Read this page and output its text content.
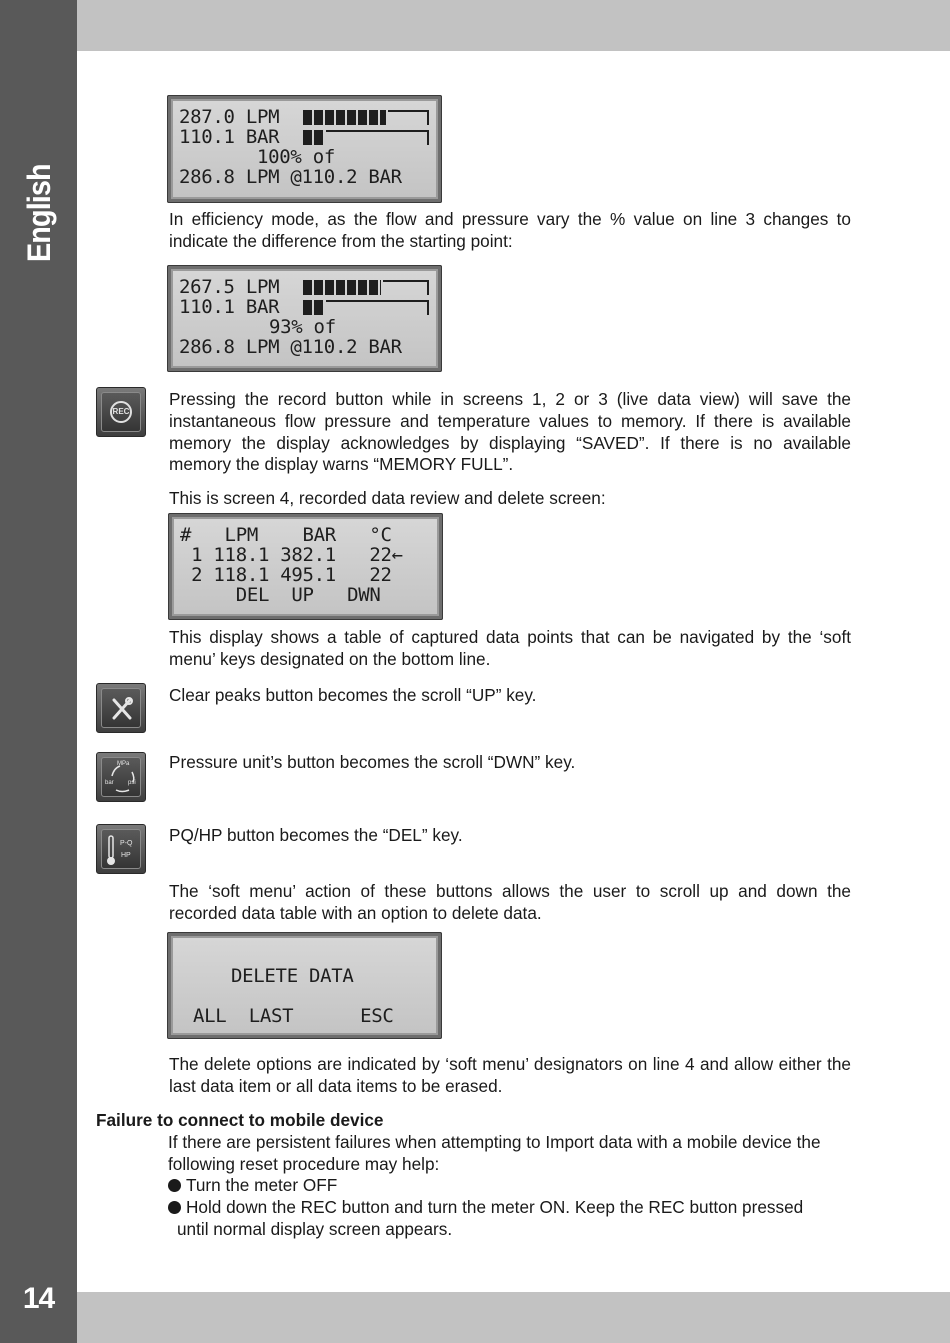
English
14
287.0 LPM
110.1 BAR
100% of
286.8 LPM @110.2 BAR
In efficiency mode, as the flow and pressure vary the % value on line 3 changes to indicate the difference from the starting point:
267.5 LPM
110.1 BAR
93% of
286.8 LPM @110.2 BAR
REC
Pressing the record button while in screens 1, 2 or 3 (live data view) will save the instantaneous flow pressure and temperature values to memory. If there is available memory the display acknowledges by displaying “SAVED”. If there is no available memory the display warns “MEMORY FULL”.
This is screen 4, recorded data review and delete screen:
#   LPM    BAR   °C
1 118.1 382.1   22←
2 118.1 495.1   22
DEL  UP   DWN
This display shows a table of captured data points that can be navigated by the ‘soft menu’ keys designated on the bottom line.
Clear peaks button becomes the scroll “UP” key.
MPa
bar psi
Pressure unit’s button becomes the scroll “DWN” key.
P-Q
HP
PQ/HP button becomes the “DEL” key.
The ‘soft menu’ action of these buttons allows the user to scroll up and down the recorded data table with an option to delete data.
DELETE DATA
ALL  LAST      ESC
The delete options are indicated by ‘soft menu’ designators on line 4 and allow either the last data item or all data items to be erased.
Failure to connect to mobile device
If there are persistent failures when attempting to Import data with a mobile device the following reset procedure may help:
Turn the meter OFF
Hold down the REC button and turn the meter ON. Keep the REC button pressed
until normal display screen appears.
